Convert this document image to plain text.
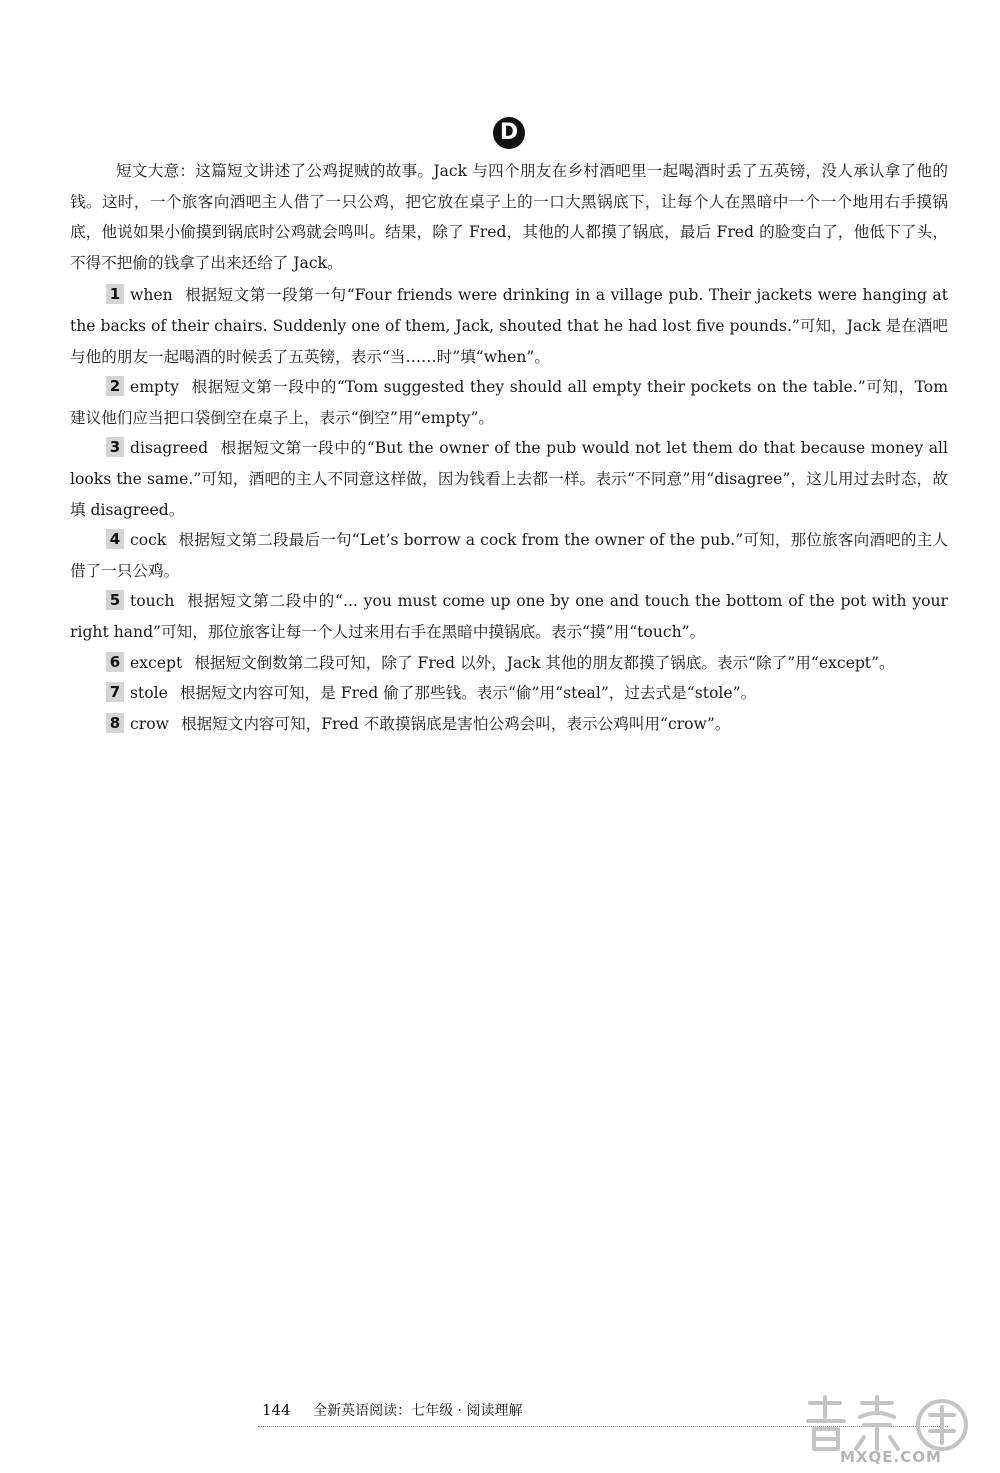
D

短文大意：这篇短文讲述了公鸡捉贼的故事。Jack 与四个朋友在乡村酒吧里一起喝酒时丢了五英镑，没人承认拿了他的钱。这时，一个旅客向酒吧主人借了一只公鸡，把它放在桌子上的一口大黑锅底下，让每个人在黑暗中一个一个地用右手摸锅底，他说如果小偷摸到锅底时公鸡就会鸣叫。结果，除了 Fred，其他的人都摸了锅底，最后 Fred 的脸变白了，他低下了头，不得不把偷的钱拿了出来还给了 Jack。

1 when 根据短文第一段第一句“Four friends were drinking in a village pub. Their jackets were hanging at the backs of their chairs. Suddenly one of them, Jack, shouted that he had lost five pounds.”可知，Jack 是在酒吧与他的朋友一起喝酒的时候丢了五英镑，表示“当……时”填“when”。

2 empty 根据短文第一段中的“Tom suggested they should all empty their pockets on the table.”可知，Tom 建议他们应当把口袋倒空在桌子上，表示“倒空”用“empty”。

3 disagreed 根据短文第一段中的“But the owner of the pub would not let them do that because money all looks the same.”可知，酒吧的主人不同意这样做，因为钱看上去都一样。表示“不同意”用“disagree”，这儿用过去时态，故填 disagreed。

4 cock 根据短文第二段最后一句“Let’s borrow a cock from the owner of the pub.”可知，那位旅客向酒吧的主人借了一只公鸡。

5 touch 根据短文第二段中的“... you must come up one by one and touch the bottom of the pot with your right hand”可知，那位旅客让每一个人过来用右手在黑暗中摸锅底。表示“摸”用“touch”。

6 except 根据短文倒数第二段可知，除了 Fred 以外，Jack 其他的朋友都摸了锅底。表示“除了”用“except”。

7 stole 根据短文内容可知，是 Fred 偷了那些钱。表示“偷”用“steal”，过去式是“stole”。

8 crow 根据短文内容可知，Fred 不敢摸锅底是害怕公鸡会叫，表示公鸡叫用“crow”。

144 全新英语阅读：七年级 · 阅读理解
MXQE.COM
